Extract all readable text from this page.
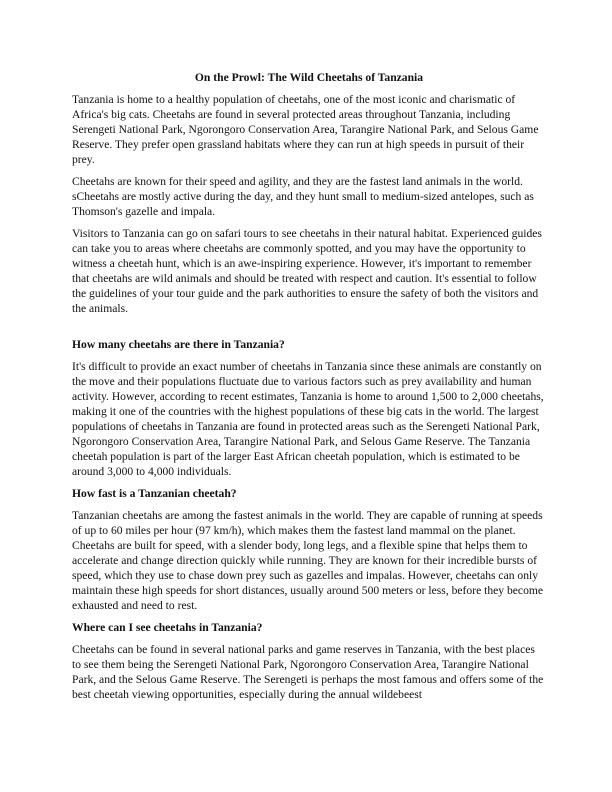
On the Prowl: The Wild Cheetahs of Tanzania

Tanzania is home to a healthy population of cheetahs, one of the most iconic and charismatic of Africa's big cats. Cheetahs are found in several protected areas throughout Tanzania, including Serengeti National Park, Ngorongoro Conservation Area, Tarangire National Park, and Selous Game Reserve. They prefer open grassland habitats where they can run at high speeds in pursuit of their prey.

Cheetahs are known for their speed and agility, and they are the fastest land animals in the world. sCheetahs are mostly active during the day, and they hunt small to medium-sized antelopes, such as Thomson's gazelle and impala.

Visitors to Tanzania can go on safari tours to see cheetahs in their natural habitat. Experienced guides can take you to areas where cheetahs are commonly spotted, and you may have the opportunity to witness a cheetah hunt, which is an awe-inspiring experience. However, it's important to remember that cheetahs are wild animals and should be treated with respect and caution. It's essential to follow the guidelines of your tour guide and the park authorities to ensure the safety of both the visitors and the animals.

How many cheetahs are there in Tanzania?

It's difficult to provide an exact number of cheetahs in Tanzania since these animals are constantly on the move and their populations fluctuate due to various factors such as prey availability and human activity. However, according to recent estimates, Tanzania is home to around 1,500 to 2,000 cheetahs, making it one of the countries with the highest populations of these big cats in the world. The largest populations of cheetahs in Tanzania are found in protected areas such as the Serengeti National Park, Ngorongoro Conservation Area, Tarangire National Park, and Selous Game Reserve. The Tanzania cheetah population is part of the larger East African cheetah population, which is estimated to be around 3,000 to 4,000 individuals.

How fast is a Tanzanian cheetah?

Tanzanian cheetahs are among the fastest animals in the world. They are capable of running at speeds of up to 60 miles per hour (97 km/h), which makes them the fastest land mammal on the planet. Cheetahs are built for speed, with a slender body, long legs, and a flexible spine that helps them to accelerate and change direction quickly while running. They are known for their incredible bursts of speed, which they use to chase down prey such as gazelles and impalas. However, cheetahs can only maintain these high speeds for short distances, usually around 500 meters or less, before they become exhausted and need to rest.

Where can I see cheetahs in Tanzania?

Cheetahs can be found in several national parks and game reserves in Tanzania, with the best places to see them being the Serengeti National Park, Ngorongoro Conservation Area, Tarangire National Park, and the Selous Game Reserve. The Serengeti is perhaps the most famous and offers some of the best cheetah viewing opportunities, especially during the annual wildebeest
